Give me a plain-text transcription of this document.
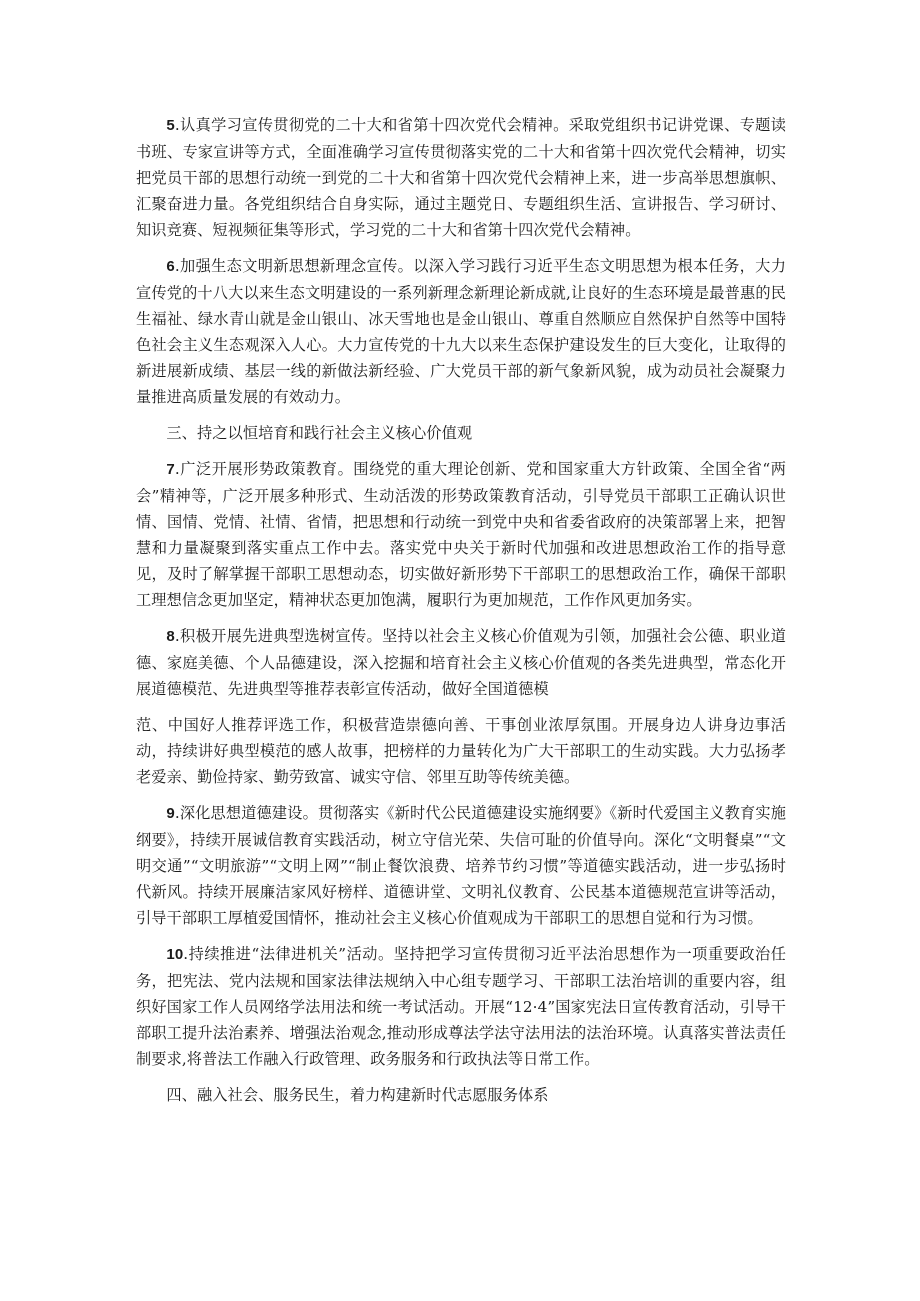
5.认真学习宣传贯彻党的二十大和省第十四次党代会精神。采取党组织书记讲党课、专题读书班、专家宣讲等方式，全面准确学习宣传贯彻落实党的二十大和省第十四次党代会精神，切实把党员干部的思想行动统一到党的二十大和省第十四次党代会精神上来，进一步高举思想旗帜、汇聚奋进力量。各党组织结合自身实际，通过主题党日、专题组织生活、宣讲报告、学习研讨、知识竞赛、短视频征集等形式，学习党的二十大和省第十四次党代会精神。

6.加强生态文明新思想新理念宣传。以深入学习践行习近平生态文明思想为根本任务，大力宣传党的十八大以来生态文明建设的一系列新理念新理论新成就,让良好的生态环境是最普惠的民生福祉、绿水青山就是金山银山、冰天雪地也是金山银山、尊重自然顺应自然保护自然等中国特色社会主义生态观深入人心。大力宣传党的十九大以来生态保护建设发生的巨大变化，让取得的新进展新成绩、基层一线的新做法新经验、广大党员干部的新气象新风貌，成为动员社会凝聚力量推进高质量发展的有效动力。

三、持之以恒培育和践行社会主义核心价值观

7.广泛开展形势政策教育。围绕党的重大理论创新、党和国家重大方针政策、全国全省“两会”精神等，广泛开展多种形式、生动活泼的形势政策教育活动，引导党员干部职工正确认识世情、国情、党情、社情、省情，把思想和行动统一到党中央和省委省政府的决策部署上来，把智慧和力量凝聚到落实重点工作中去。落实党中央关于新时代加强和改进思想政治工作的指导意见，及时了解掌握干部职工思想动态，切实做好新形势下干部职工的思想政治工作，确保干部职工理想信念更加坚定，精神状态更加饱满，履职行为更加规范，工作作风更加务实。

8.积极开展先进典型选树宣传。坚持以社会主义核心价值观为引领，加强社会公德、职业道德、家庭美德、个人品德建设，深入挖掘和培育社会主义核心价值观的各类先进典型，常态化开展道德模范、先进典型等推荐表彰宣传活动，做好全国道德模

范、中国好人推荐评选工作，积极营造崇德向善、干事创业浓厚氛围。开展身边人讲身边事活动，持续讲好典型模范的感人故事，把榜样的力量转化为广大干部职工的生动实践。大力弘扬孝老爱亲、勤俭持家、勤劳致富、诚实守信、邻里互助等传统美德。

9.深化思想道德建设。贯彻落实《新时代公民道德建设实施纲要》《新时代爱国主义教育实施纲要》，持续开展诚信教育实践活动，树立守信光荣、失信可耻的价值导向。深化“文明餐桌”“文明交通”“文明旅游”“文明上网”“制止餐饮浪费、培养节约习惯”等道德实践活动，进一步弘扬时代新风。持续开展廉洁家风好榜样、道德讲堂、文明礼仪教育、公民基本道德规范宣讲等活动，引导干部职工厚植爱国情怀，推动社会主义核心价值观成为干部职工的思想自觉和行为习惯。

10.持续推进“法律进机关”活动。坚持把学习宣传贯彻习近平法治思想作为一项重要政治任务，把宪法、党内法规和国家法律法规纳入中心组专题学习、干部职工法治培训的重要内容，组织好国家工作人员网络学法用法和统一考试活动。开展“12·4”国家宪法日宣传教育活动，引导干部职工提升法治素养、增强法治观念,推动形成尊法学法守法用法的法治环境。认真落实普法责任制要求,将普法工作融入行政管理、政务服务和行政执法等日常工作。

四、融入社会、服务民生，着力构建新时代志愿服务体系
